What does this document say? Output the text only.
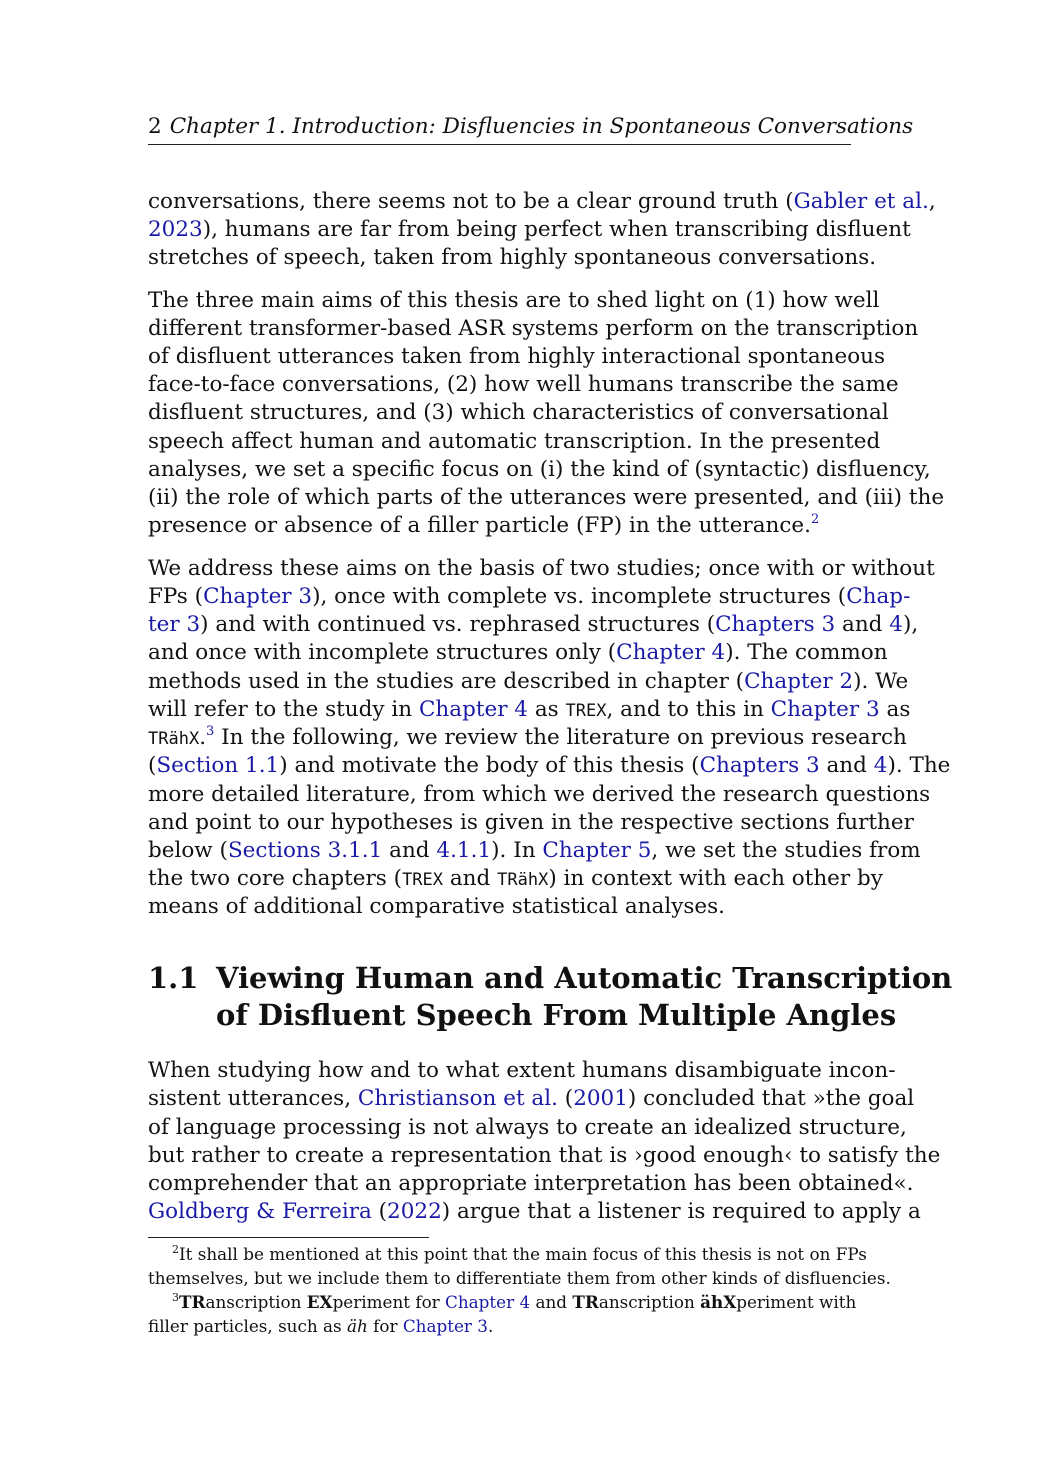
2 Chapter 1. Introduction: Disfluencies in Spontaneous Conversations
conversations, there seems not to be a clear ground truth (Gabler et al.,
2023), humans are far from being perfect when transcribing disfluent
stretches of speech, taken from highly spontaneous conversations.
The three main aims of this thesis are to shed light on (1) how well
different transformer-based ASR systems perform on the transcription
of disfluent utterances taken from highly interactional spontaneous
face-to-face conversations, (2) how well humans transcribe the same
disfluent structures, and (3) which characteristics of conversational
speech affect human and automatic transcription. In the presented
analyses, we set a specific focus on (i) the kind of (syntactic) disfluency,
(ii) the role of which parts of the utterances were presented, and (iii) the
presence or absence of a filler particle (FP) in the utterance.$^2$
We address these aims on the basis of two studies; once with or without
FPs (Chapter 3), once with complete vs. incomplete structures (Chap-
ter 3) and with continued vs. rephrased structures (Chapters 3 and 4),
and once with incomplete structures only (Chapter 4). The common
methods used in the studies are described in chapter (Chapter 2). We
will refer to the study in Chapter 4 as TREX, and to this in Chapter 3 as
TRähX.$^3$ In the following, we review the literature on previous research
(Section 1.1) and motivate the body of this thesis (Chapters 3 and 4). The
more detailed literature, from which we derived the research questions
and point to our hypotheses is given in the respective sections further
below (Sections 3.1.1 and 4.1.1). In Chapter 5, we set the studies from
the two core chapters (TREX and TRähX) in context with each other by
means of additional comparative statistical analyses.
1.1 Viewing Human and Automatic Transcription
of Disfluent Speech From Multiple Angles
When studying how and to what extent humans disambiguate incon-
sistent utterances, Christianson et al. (2001) concluded that »the goal
of language processing is not always to create an idealized structure,
but rather to create a representation that is ›good enough‹ to satisfy the
comprehender that an appropriate interpretation has been obtained«.
Goldberg & Ferreira (2022) argue that a listener is required to apply a
$^2$It shall be mentioned at this point that the main focus of this thesis is not on FPs
themselves, but we include them to differentiate them from other kinds of disfluencies.
$^3$TRanscription EXperiment for Chapter 4 and TRanscription ähXperiment with
filler particles, such as äh for Chapter 3.
